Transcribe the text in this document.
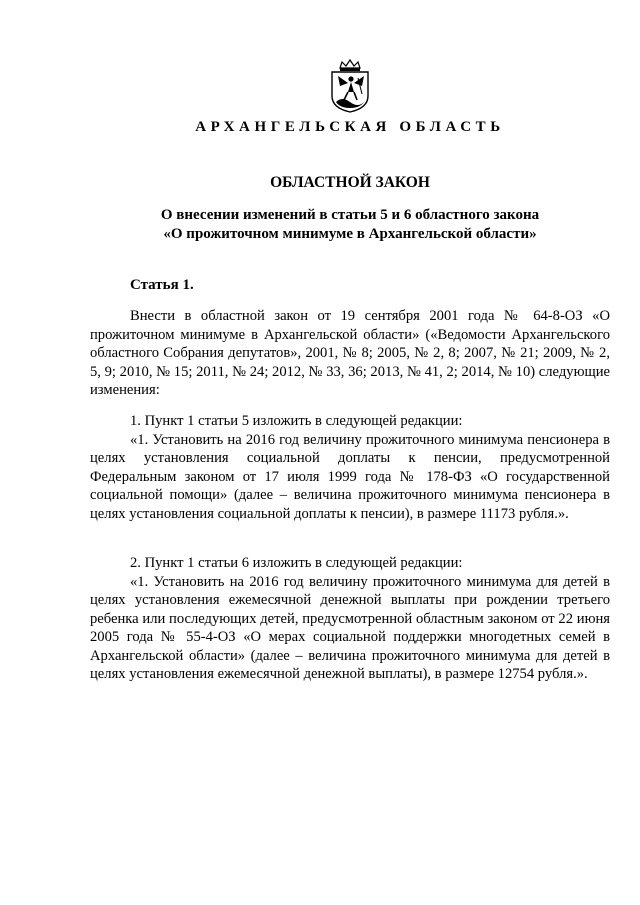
АРХАНГЕЛЬСКАЯ ОБЛАСТЬ
ОБЛАСТНОЙ ЗАКОН
О внесении изменений в статьи 5 и 6 областного закона
«О прожиточном минимуме в Архангельской области»
Статья 1.

Внести в областной закон от 19 сентября 2001 года № 64-8-ОЗ «О прожиточном минимуме в Архангельской области» («Ведомости Архангельского областного Собрания депутатов», 2001, № 8; 2005, № 2, 8; 2007, № 21; 2009, № 2, 5, 9; 2010, № 15; 2011, № 24; 2012, № 33, 36; 2013, № 41, 2; 2014, № 10) следующие изменения:

1. Пункт 1 статьи 5 изложить в следующей редакции:

«1. Установить на 2016 год величину прожиточного минимума пенсионера в целях установления социальной доплаты к пенсии, предусмотренной Федеральным законом от 17 июля 1999 года № 178-ФЗ «О государственной социальной помощи» (далее – величина прожиточного минимума пенсионера в целях установления социальной доплаты к пенсии), в размере 11173 рубля.».

2. Пункт 1 статьи 6 изложить в следующей редакции:

«1. Установить на 2016 год величину прожиточного минимума для детей в целях установления ежемесячной денежной выплаты при рождении третьего ребенка или последующих детей, предусмотренной областным законом от 22 июня 2005 года № 55-4-ОЗ «О мерах социальной поддержки многодетных семей в Архангельской области» (далее – величина прожиточного минимума для детей в целях установления ежемесячной денежной выплаты), в размере 12754 рубля.».
